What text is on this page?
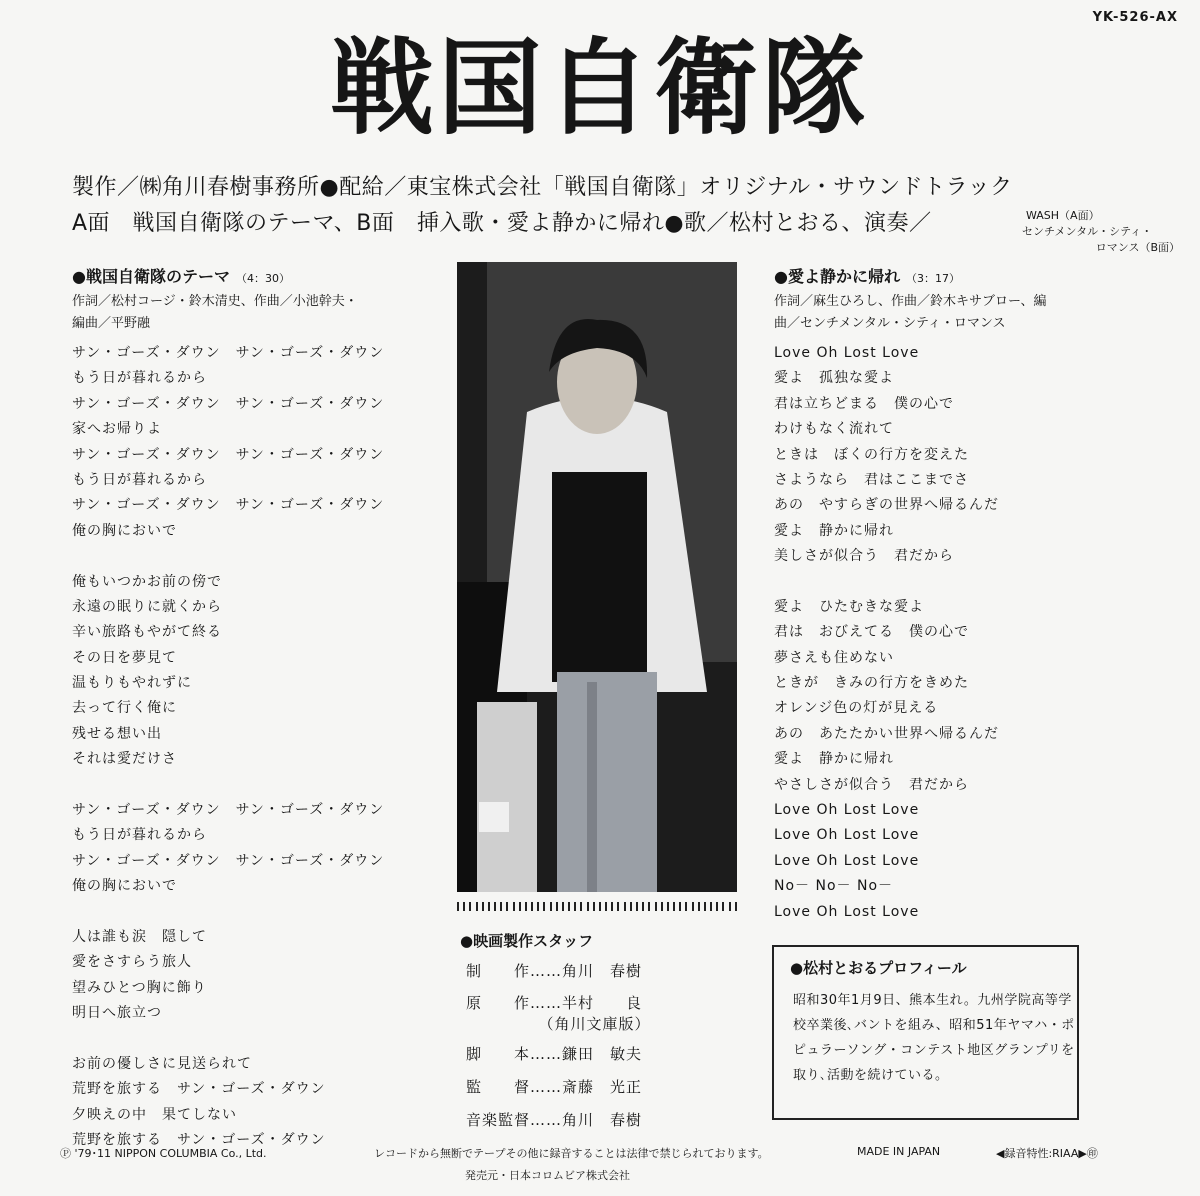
YK-526-AX
戦国自衛隊
製作／㈱角川春樹事務所●配給／東宝株式会社「戦国自衛隊」オリジナル・サウンドトラック
A面　戦国自衛隊のテーマ、B面　挿入歌・愛よ静かに帰れ●歌／松村とおる、演奏／	WASH（A面）
センチメンタル・シティ・
ロマンス（B面）
●戦国自衛隊のテーマ （4：30）
作詞／松村コージ・鈴木清史、作曲／小池幹夫・
編曲／平野融
サン・ゴーズ・ダウン　サン・ゴーズ・ダウン
もう日が暮れるから
サン・ゴーズ・ダウン　サン・ゴーズ・ダウン
家へお帰りよ
サン・ゴーズ・ダウン　サン・ゴーズ・ダウン
もう日が暮れるから
サン・ゴーズ・ダウン　サン・ゴーズ・ダウン
俺の胸においで
俺もいつかお前の傍で
永遠の眠りに就くから
辛い旅路もやがて終る
その日を夢見て
温もりもやれずに
去って行く俺に
残せる想い出
それは愛だけさ
サン・ゴーズ・ダウン　サン・ゴーズ・ダウン
もう日が暮れるから
サン・ゴーズ・ダウン　サン・ゴーズ・ダウン
俺の胸においで
人は誰も涙　隠して
愛をさすらう旅人
望みひとつ胸に飾り
明日へ旅立つ
お前の優しさに見送られて
荒野を旅する　サン・ゴーズ・ダウン
夕映えの中　果てしない
荒野を旅する　サン・ゴーズ・ダウン
●愛よ静かに帰れ （3：17）
作詞／麻生ひろし、作曲／鈴木キサブロー、編
曲／センチメンタル・シティ・ロマンス
Love Oh Lost Love
愛よ　孤独な愛よ
君は立ちどまる　僕の心で
わけもなく流れて
ときは　ぼくの行方を変えた
さようなら　君はここまでさ
あの　やすらぎの世界へ帰るんだ
愛よ　静かに帰れ
美しさが似合う　君だから
愛よ　ひたむきな愛よ
君は　おびえてる　僕の心で
夢さえも住めない
ときが　きみの行方をきめた
オレンジ色の灯が見える
あの　あたたかい世界へ帰るんだ
愛よ　静かに帰れ
やさしさが似合う　君だから
Love Oh Lost Love
Love Oh Lost Love
Love Oh Lost Love
No－ No－ No－
Love Oh Lost Love
●映画製作スタッフ
制　　作……角川　春樹
原　　作……半村　　良
　　　　　（角川文庫版）
脚　　本……鎌田　敏夫
監　　督……斎藤　光正
音楽監督……角川　春樹
●松村とおるプロフィール
昭和30年1月9日、熊本生れ。九州学院高等学校卒業後､バントを組み、昭和51年ヤマハ・ポピュラーソング・コンテスト地区グランプリを取り､活動を続けている。
Ⓟ '79･11 NIPPON COLUMBIA Co., Ltd.	レコードから無断でテープその他に録音することは法律で禁じられております。	MADE IN JAPAN	◀録音特性:RIAA▶㊞
発売元・日本コロムビア株式会社
